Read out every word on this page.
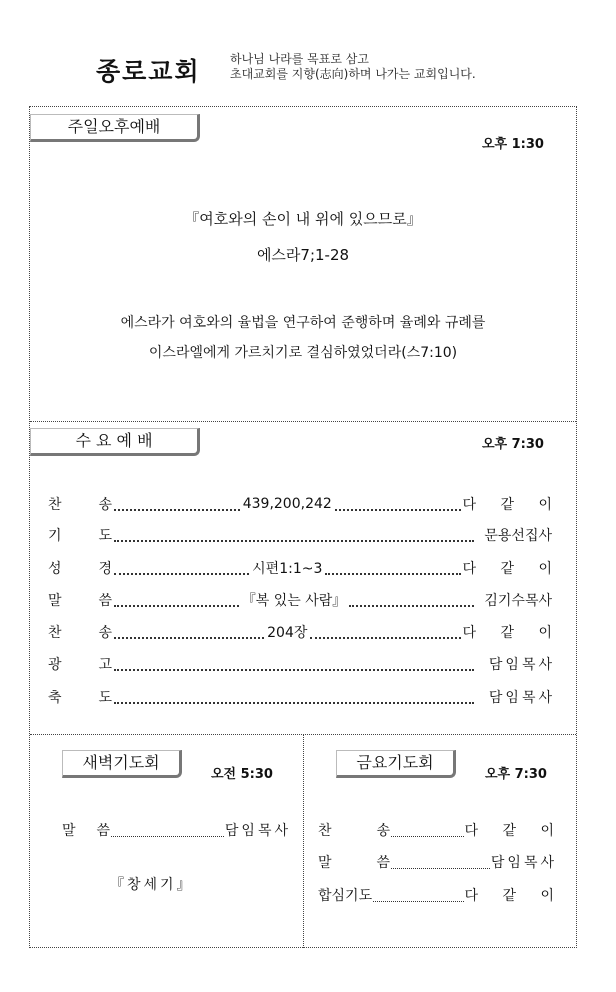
종로교회 하나님 나라를 목표로 삼고
초대교회를 지향(志向)하며 나가는 교회입니다.
주일오후예배
오후 1:30
『여호와의 손이 내 위에 있으므로』
에스라7;1-28
에스라가 여호와의 율법을 연구하여 준행하며 율례와 규례를
이스라엘에게 가르치기로 결심하였었더라(스7:10)
수 요 예 배	오후 7:30
찬	송	439,200,242	다 같 이
기	도	문용선집사
성	경	시편1:1~3	다 같 이
말	씀	『복 있는 사람』	김기수목사
찬	송	204장	다 같 이
광	고	담임목사
축	도	담임목사
새벽기도회
오전 5:30
말 씀	담임목사
『창세기』
금요기도회
오후 7:30
찬	송	다 같 이
말	씀	담임목사
합심기도	다 같 이
